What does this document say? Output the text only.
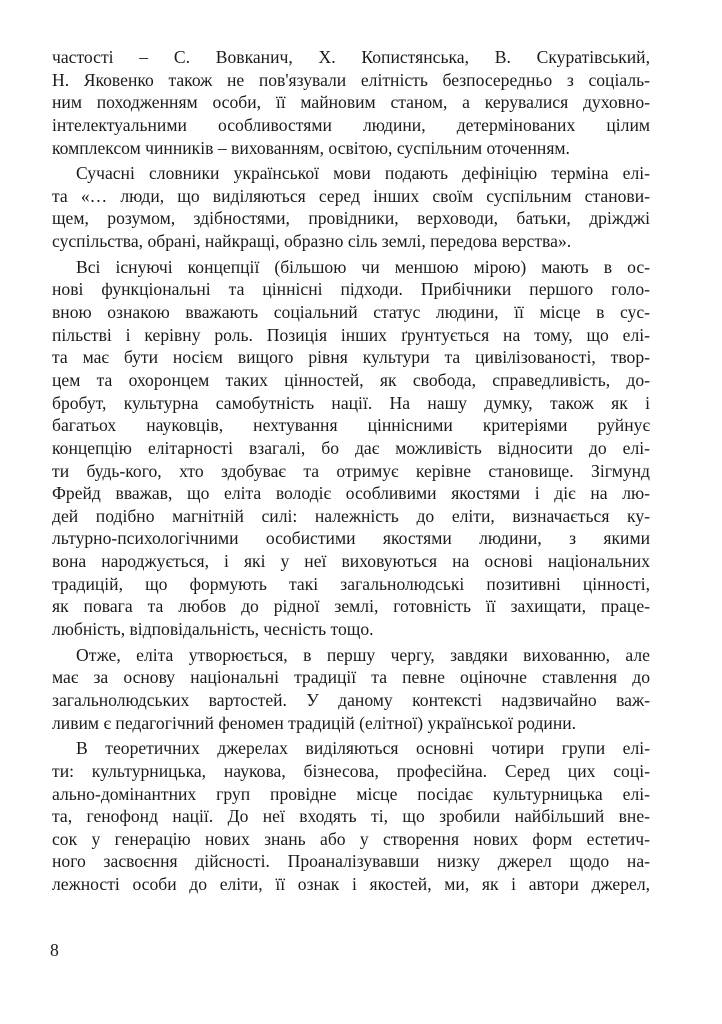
частості – С. Вовканич, Х. Копистянська, В. Скуратівський,
Н. Яковенко також не пов'язували елітність безпосередньо з соціаль-
ним походженням особи, її майновим станом, а керувалися духовно-
інтелектуальними особливостями людини, детермінованих цілим
комплексом чинників – вихованням, освітою, суспільним оточенням.
Сучасні словники української мови подають дефініцію терміна елі-
та «… люди, що виділяються серед інших своїм суспільним станови-
щем, розумом, здібностями, провідники, верховоди, батьки, дріжджі
суспільства, обрані, найкращі, образно сіль землі, передова верства».
Всі існуючі концепції (більшою чи меншою мірою) мають в ос-
нові функціональні та ціннісні підходи. Прибічники першого голо-
вною ознакою вважають соціальний статус людини, її місце в сус-
пільстві і керівну роль. Позиція інших ґрунтується на тому, що елі-
та має бути носієм вищого рівня культури та цивілізованості, твор-
цем та охоронцем таких цінностей, як свобода, справедливість, до-
бробут, культурна самобутність нації. На нашу думку, також як і
багатьох науковців, нехтування ціннісними критеріями руйнує
концепцію елітарності взагалі, бо дає можливість відносити до елі-
ти будь-кого, хто здобуває та отримує керівне становище. Зігмунд
Фрейд вважав, що еліта володіє особливими якостями і діє на лю-
дей подібно магнітній силі: належність до еліти, визначається ку-
льтурно-психологічними особистими якостями людини, з якими
вона народжується, і які у неї виховуються на основі національних
традицій, що формують такі загальнолюдські позитивні цінності,
як повага та любов до рідної землі, готовність її захищати, праце-
любність, відповідальність, чесність тощо.
Отже, еліта утворюється, в першу чергу, завдяки вихованню, але
має за основу національні традиції та певне оціночне ставлення до
загальнолюдських вартостей. У даному контексті надзвичайно важ-
ливим є педагогічний феномен традицій (елітної) української родини.
В теоретичних джерелах виділяються основні чотири групи елі-
ти: культурницька, наукова, бізнесова, професійна. Серед цих соці-
ально-домінантних груп провідне місце посідає культурницька елі-
та, генофонд нації. До неї входять ті, що зробили найбільший вне-
сок у генерацію нових знань або у створення нових форм естетич-
ного засвоєння дійсності. Проаналізувавши низку джерел щодо на-
лежності особи до еліти, її ознак і якостей, ми, як і автори джерел,
8
